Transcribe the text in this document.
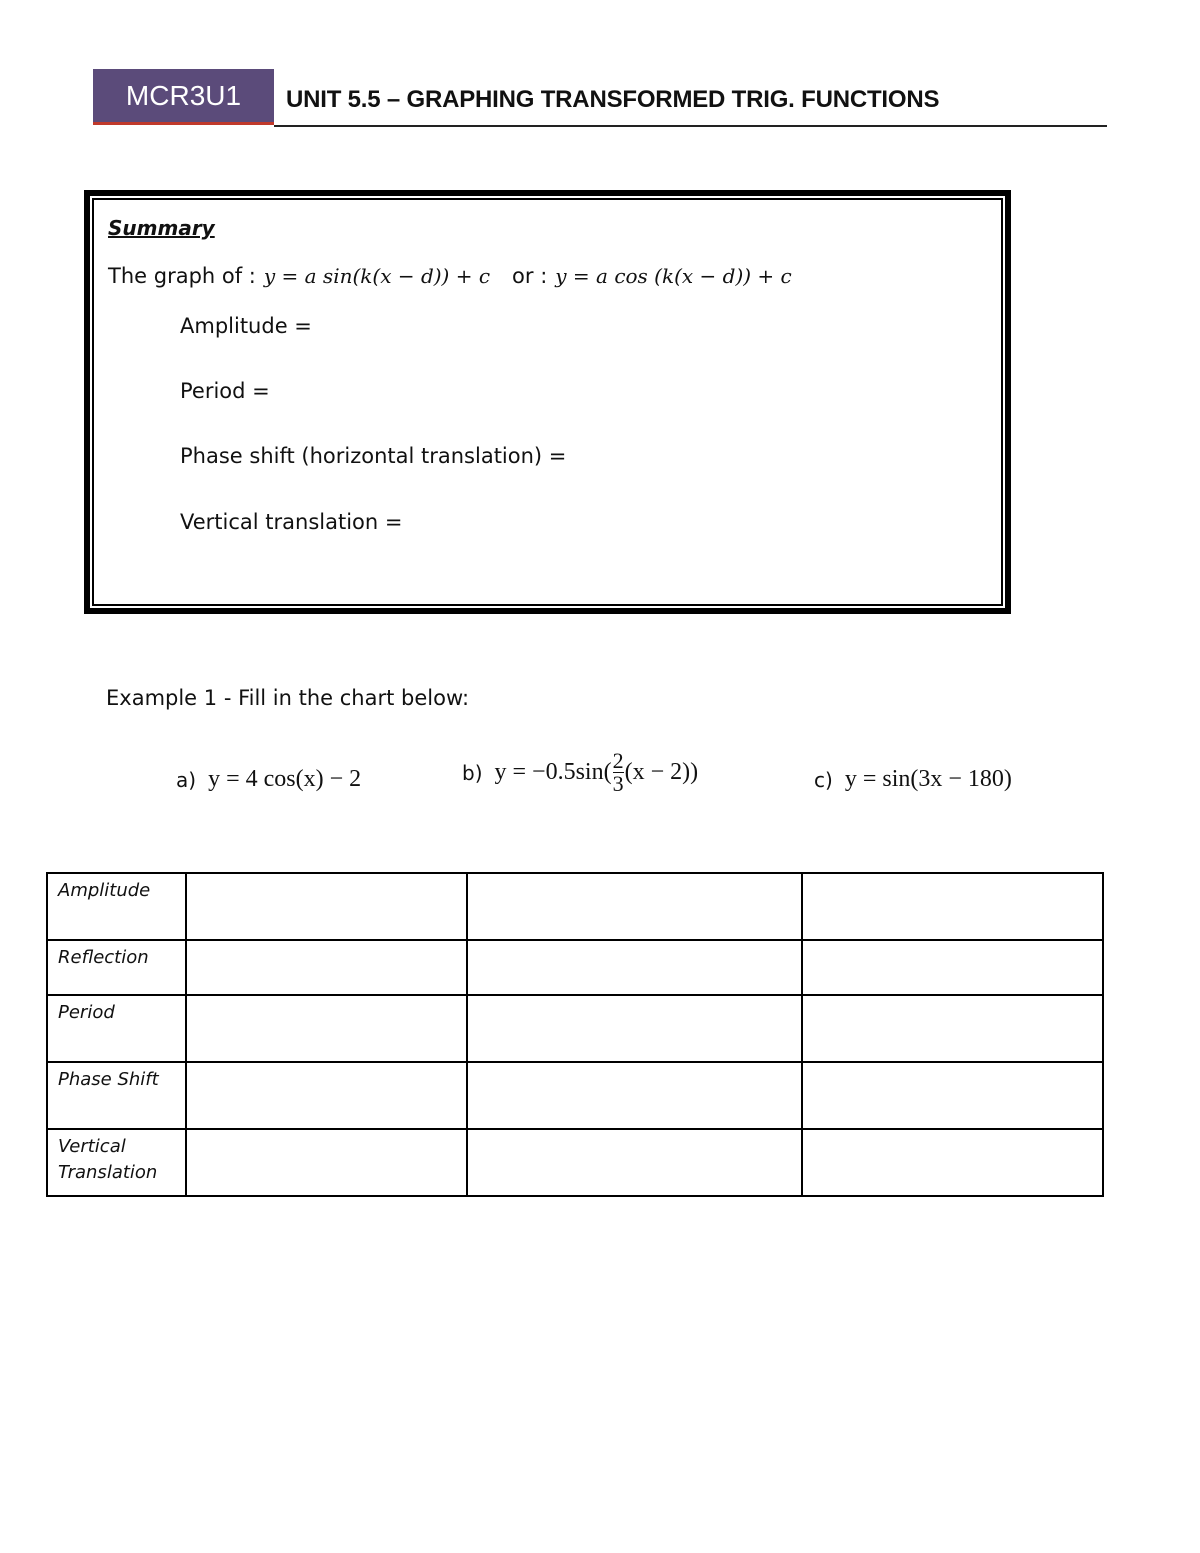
MCR3U1	UNIT 5.5 – GRAPHING TRANSFORMED TRIG. FUNCTIONS
Summary
The graph of : y = a sin(k(x − d)) + c or : y = a cos (k(x − d)) + c
Amplitude =
Period =
Phase shift (horizontal translation) =
Vertical translation =
Example 1 - Fill in the chart below:
a) y = 4 cos(x) − 2	b) $y = -0.5\sin( \frac{2}{3} (x - 2))$	c) y = sin(3x − 180)
Amplitude			
Reflection			
Period			
Phase Shift			
Vertical Translation			
